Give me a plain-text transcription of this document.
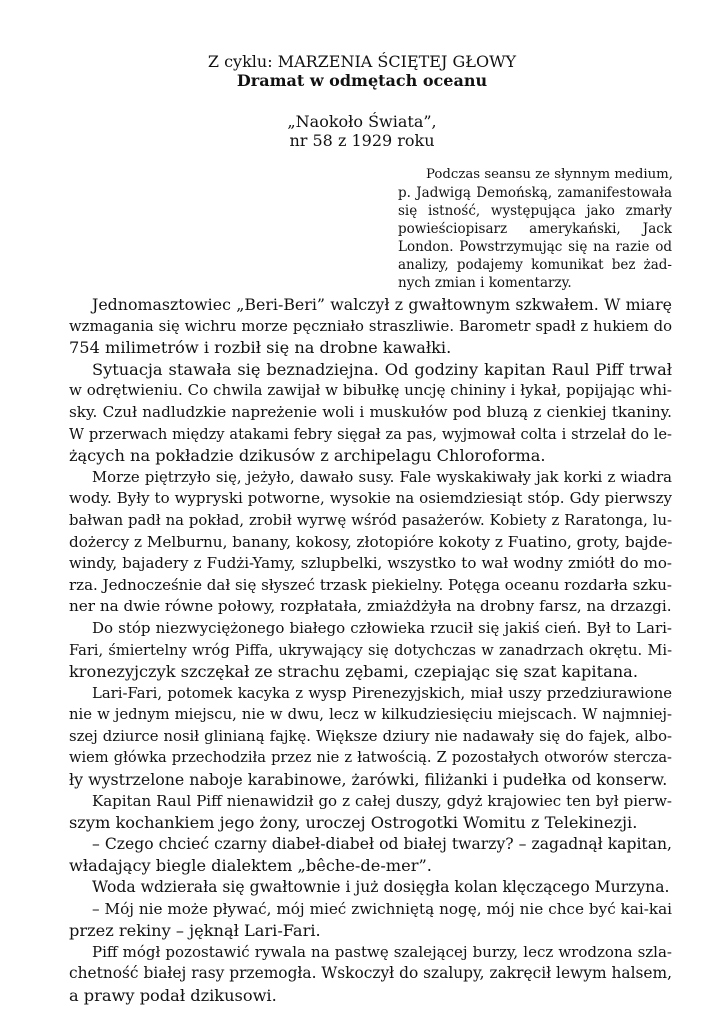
Z cyklu: MARZENIA ŚCIĘTEJ GŁOWY
Dramat w odmętach oceanu
„Naokoło Świata”,
nr 58 z 1929 roku
Podczas seansu ze słynnym medium,
p. Jadwigą Demońską, zamanifestowała
się istność, występująca jako zmarły
powieściopisarz amerykański, Jack
London. Powstrzymując się na razie od
analizy, podajemy komunikat bez żad-
nych zmian i komentarzy.
Jednomasztowiec „Beri-Beri” walczył z gwałtownym szkwałem. W miarę
wzmagania się wichru morze pęczniało straszliwie. Barometr spadł z hukiem do
754 milimetrów i rozbił się na drobne kawałki.
Sytuacja stawała się beznadziejna. Od godziny kapitan Raul Piff trwał
w odrętwieniu. Co chwila zawijał w bibułkę uncję chininy i łykał, popijając whi-
sky. Czuł nadludzkie napreżenie woli i muskułów pod bluzą z cienkiej tkaniny.
W przerwach między atakami febry sięgał za pas, wyjmował colta i strzelał do le-
żących na pokładzie dzikusów z archipelagu Chloroforma.
Morze piętrzyło się, jeżyło, dawało susy. Fale wyskakiwały jak korki z wiadra
wody. Były to wypryski potworne, wysokie na osiemdziesiąt stóp. Gdy pierwszy
bałwan padł na pokład, zrobił wyrwę wśród pasażerów. Kobiety z Raratonga, lu-
dożercy z Melburnu, banany, kokosy, złotopióre kokoty z Fuatino, groty, bajde-
windy, bajadery z Fudżi-Yamy, szlupbelki, wszystko to wał wodny zmiótł do mo-
rza. Jednocześnie dał się słyszeć trzask piekielny. Potęga oceanu rozdarła szku-
ner na dwie równe połowy, rozpłatała, zmiażdżyła na drobny farsz, na drzazgi.
Do stóp niezwyciężonego białego człowieka rzucił się jakiś cień. Był to Lari-
Fari, śmiertelny wróg Piffa, ukrywający się dotychczas w zanadrzach okrętu. Mi-
kronezyjczyk szczękał ze strachu zębami, czepiając się szat kapitana.
Lari-Fari, potomek kacyka z wysp Pirenezyjskich, miał uszy przedziurawione
nie w jednym miejscu, nie w dwu, lecz w kilkudziesięciu miejscach. W najmniej-
szej dziurce nosił glinianą fajkę. Większe dziury nie nadawały się do fajek, albo-
wiem główka przechodziła przez nie z łatwością. Z pozostałych otworów stercza-
ły wystrzelone naboje karabinowe, żarówki, filiżanki i pudełka od konserw.
Kapitan Raul Piff nienawidził go z całej duszy, gdyż krajowiec ten był pierw-
szym kochankiem jego żony, uroczej Ostrogotki Womitu z Telekinezji.
– Czego chcieć czarny diabeł-diabeł od białej twarzy? – zagadnął kapitan,
władający biegle dialektem „bêche-de-mer”.
Woda wdzierała się gwałtownie i już dosięgła kolan klęczącego Murzyna.
– Mój nie może pływać, mój mieć zwichniętą nogę, mój nie chce być kai-kai
przez rekiny – jęknął Lari-Fari.
Piff mógł pozostawić rywala na pastwę szalejącej burzy, lecz wrodzona szla-
chetność białej rasy przemogła. Wskoczył do szalupy, zakręcił lewym halsem,
a prawy podał dzikusowi.
